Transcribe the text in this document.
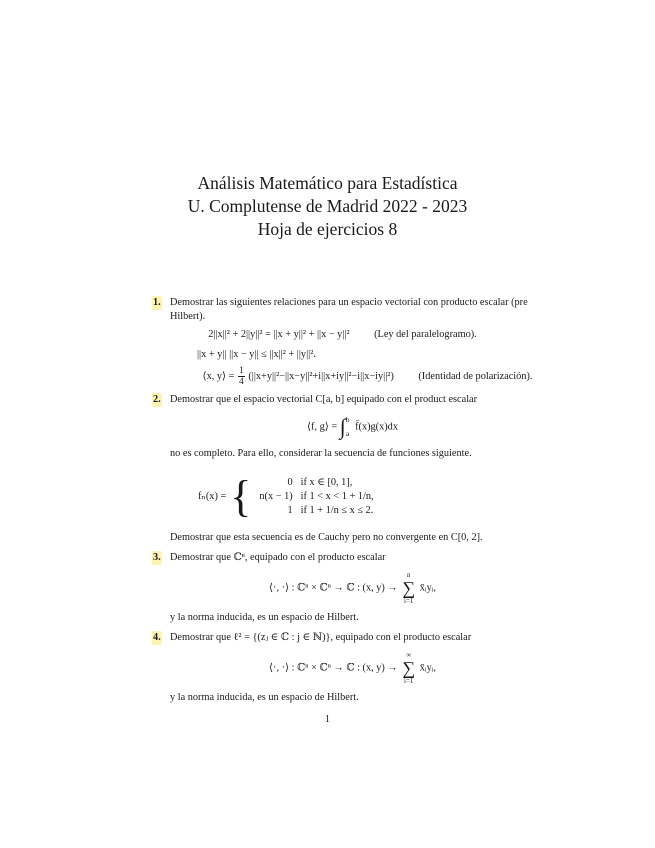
Análisis Matemático para Estadística
U. Complutense de Madrid 2022 - 2023
Hoja de ejercicios 8
1. Demostrar las siguientes relaciones para un espacio vectorial con producto escalar (pre Hilbert).
2||x||² + 2||y||² = ||x + y||² + ||x − y||² (Ley del paralelogramo).
||x + y|| ||x − y|| ≤ ||x||² + ||y||².
⟨x, y⟩ = $\frac{1}{4} (||x+y||^2-||x-y||^2+i||x+iy||^2-i||x-iy||^2)$ (Identidad de polarización).
2. Demostrar que el espacio vectorial C[a, b] equipado con el product escalar
⟨f, g⟩ = ∫ b
a
f̄(x)g(x)dx
no es completo. Para ello, considerar la secuencia de funciones siguiente.
fₙ(x) = {	0	if x ∈ [0, 1],
n(x − 1)	if 1 < x < 1 + 1/n,
1	if 1 + 1/n ≤ x ≤ 2.
Demostrar que esta secuencia es de Cauchy pero no convergente en C[0, 2].
3. Demostrar que ℂⁿ, equipado con el producto escalar
⟨·, ·⟩ : ℂⁿ × ℂⁿ → ℂ : (x, y) →
n
∑
i=1
x̄ᵢyᵢ,
y la norma inducida, es un espacio de Hilbert.
4. Demostrar que ℓ² = {(zⱼ ∈ ℂ : j ∈ ℕ)}, equipado con el producto escalar
⟨·, ·⟩ : ℂⁿ × ℂⁿ → ℂ : (x, y) →
∞
∑
i=1
x̄ᵢyᵢ,
y la norma inducida, es un espacio de Hilbert.
1
